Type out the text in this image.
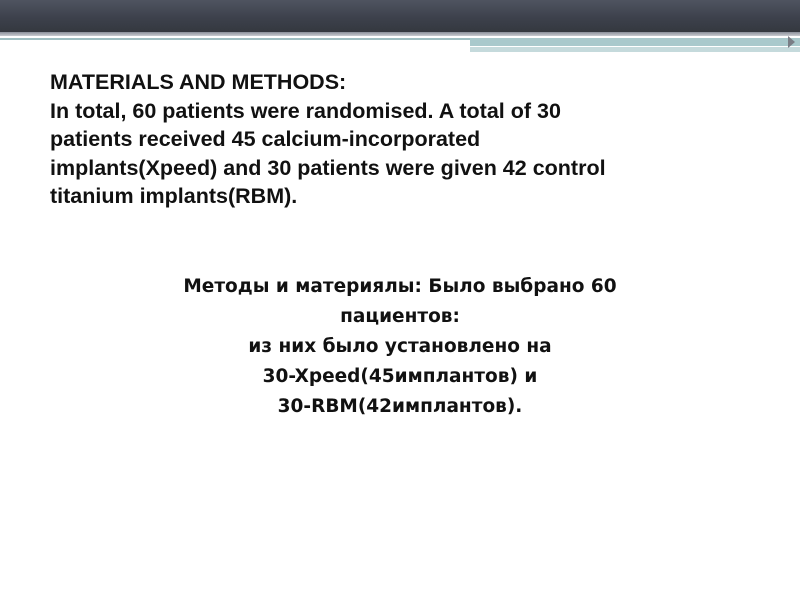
MATERIALS AND METHODS:
In total, 60 patients were randomised. A total of 30
patients received 45 calcium-incorporated
implants(Xpeed) and 30 patients were given 42 control
titanium implants(RBM).
Методы и материялы: Было выбрано 60
пациентов:
из них было установлено на
30-Xpeed(45имплантов) и
30-RBM(42имплантов).
